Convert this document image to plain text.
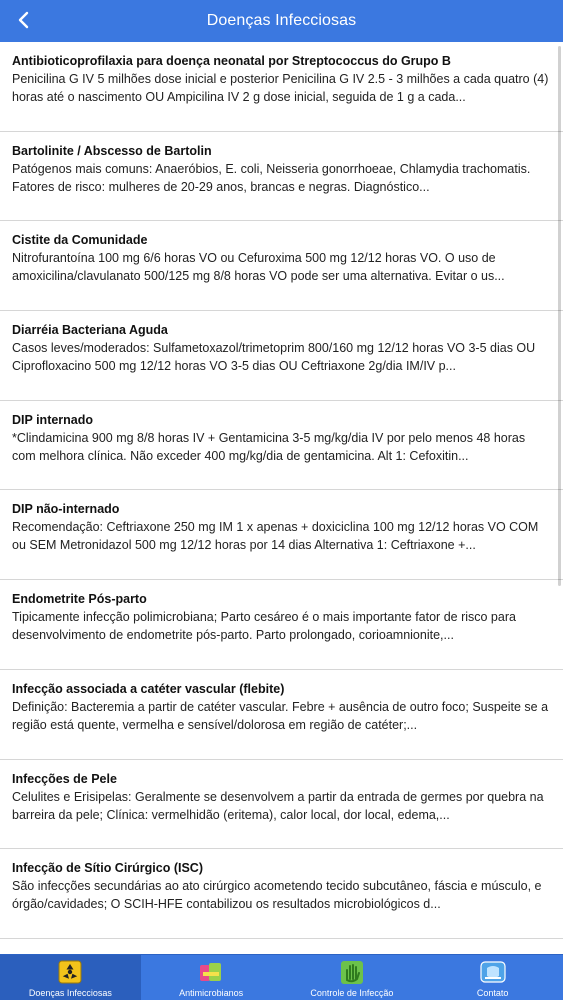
Doenças Infecciosas
Antibioticoprofilaxia para doença neonatal por Streptococcus do Grupo B
Penicilina G IV 5 milhões dose inicial e posterior Penicilina G IV 2.5 - 3 milhões a cada quatro (4) horas até o nascimento OU Ampicilina IV 2 g dose inicial, seguida de 1 g a cada...
Bartolinite / Abscesso de Bartolin
Patógenos mais comuns: Anaeróbios, E. coli, Neisseria gonorrhoeae, Chlamydia trachomatis. Fatores de risco: mulheres de 20-29 anos, brancas e negras. Diagnóstico...
Cistite da Comunidade
Nitrofurantoína 100 mg 6/6 horas VO ou Cefuroxima 500 mg 12/12 horas VO. O uso de amoxicilina/clavulanato 500/125 mg 8/8 horas VO pode ser uma alternativa. Evitar o us...
Diarréia Bacteriana Aguda
Casos leves/moderados: Sulfametoxazol/trimetoprim 800/160 mg 12/12 horas VO 3-5 dias OU Ciprofloxacino 500 mg 12/12 horas VO 3-5 dias OU Ceftriaxone 2g/dia IM/IV p...
DIP internado
*Clindamicina 900 mg 8/8 horas IV + Gentamicina 3-5 mg/kg/dia IV por pelo menos 48 horas com melhora clínica. Não exceder 400 mg/kg/dia de gentamicina. Alt 1: Cefoxitin...
DIP não-internado
Recomendação: Ceftriaxone 250 mg IM 1 x apenas + doxiciclina 100 mg 12/12 horas VO COM ou SEM Metronidazol 500 mg 12/12 horas por 14 dias Alternativa 1: Ceftriaxone +...
Endometrite Pós-parto
Tipicamente infecção polimicrobiana; Parto cesáreo é o mais importante fator de risco para desenvolvimento de endometrite pós-parto. Parto prolongado, corioamnionite,...
Infecção associada a catéter vascular (flebite)
Definição: Bacteremia a partir de catéter vascular. Febre + ausência de outro foco; Suspeite se a região está quente, vermelha e sensível/dolorosa em região de catéter;...
Infecções de Pele
Celulites e Erisipelas: Geralmente se desenvolvem a partir da entrada de germes por quebra na barreira da pele; Clínica: vermelhidão (eritema), calor local, dor local, edema,...
Infecção de Sítio Cirúrgico (ISC)
São infecções secundárias ao ato cirúrgico acometendo tecido subcutâneo, fáscia e músculo, e órgão/cavidades; O SCIH-HFE contabilizou os resultados microbiológicos d...
Doenças Infecciosas	Antimicrobianos	Controle de Infecção	Contato
